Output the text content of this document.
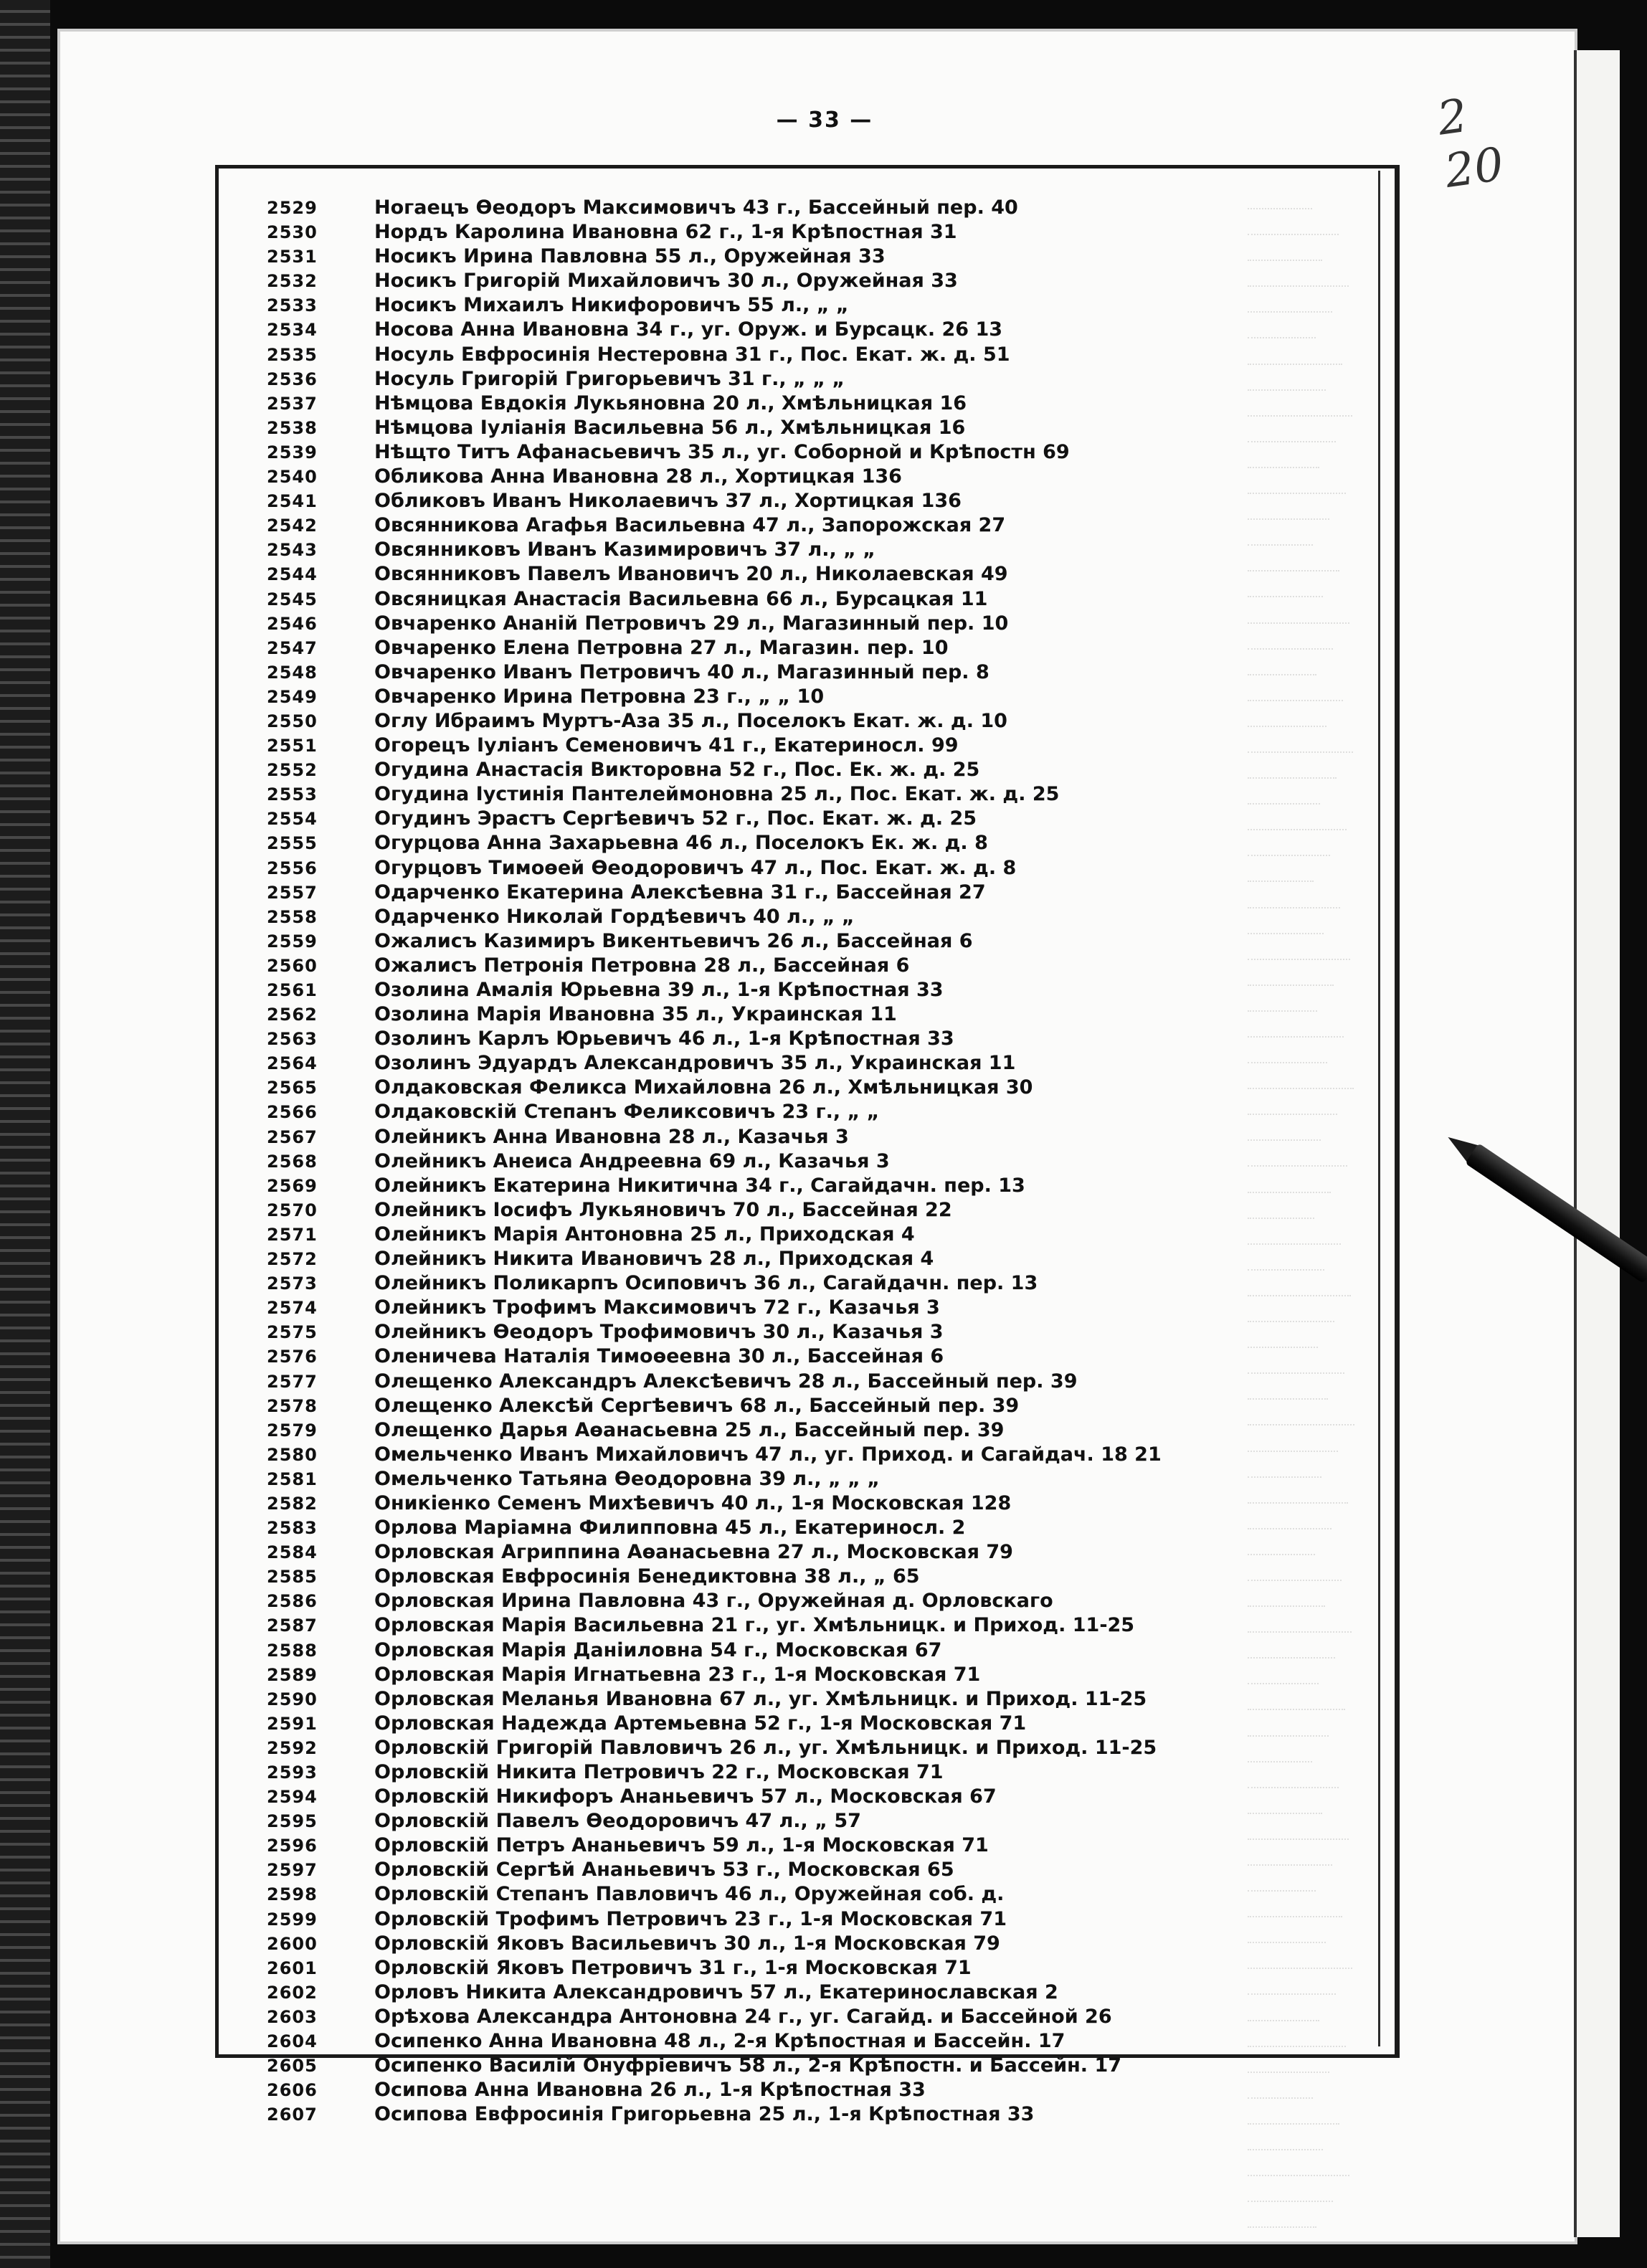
— 33 —	2 20
2529	Ногаецъ Өеодоръ Максимовичъ 43 г., Бассейный пер. 40
2530	Нордъ Каролина Ивановна 62 г., 1-я Крѣпостная 31
2531	Носикъ Ирина Павловна 55 л., Оружейная 33
2532	Носикъ Григорій Михайловичъ 30 л., Оружейная 33
2533	Носикъ Михаилъ Никифоровичъ 55 л., „ „
2534	Носова Анна Ивановна 34 г., уг. Оруж. и Бурсацк. 26 13
2535	Носуль Евфросинія Нестеровна 31 г., Пос. Екат. ж. д. 51
2536	Носуль Григорій Григорьевичъ 31 г., „ „ „
2537	Нѣмцова Евдокія Лукьяновна 20 л., Хмѣльницкая 16
2538	Нѣмцова Іуліанія Васильевна 56 л., Хмѣльницкая 16
2539	Нѣщто Титъ Афанасьевичъ 35 л., уг. Соборной и Крѣпостн 69
2540	Обликова Анна Ивановна 28 л., Хортицкая 136
2541	Обликовъ Иванъ Николаевичъ 37 л., Хортицкая 136
2542	Овсянникова Агафья Васильевна 47 л., Запорожская 27
2543	Овсянниковъ Иванъ Казимировичъ 37 л., „ „
2544	Овсянниковъ Павелъ Ивановичъ 20 л., Николаевская 49
2545	Овсяницкая Анастасія Васильевна 66 л., Бурсацкая 11
2546	Овчаренко Ананій Петровичъ 29 л., Магазинный пер. 10
2547	Овчаренко Елена Петровна 27 л., Магазин. пер. 10
2548	Овчаренко Иванъ Петровичъ 40 л., Магазинный пер. 8
2549	Овчаренко Ирина Петровна 23 г., „ „ 10
2550	Оглу Ибраимъ Муртъ-Аза 35 л., Поселокъ Екат. ж. д. 10
2551	Огорецъ Іуліанъ Семеновичъ 41 г., Екатериносл. 99
2552	Огудина Анастасія Викторовна 52 г., Пос. Ек. ж. д. 25
2553	Огудина Іустинія Пантелеймоновна 25 л., Пос. Екат. ж. д. 25
2554	Огудинъ Эрастъ Сергѣевичъ 52 г., Пос. Екат. ж. д. 25
2555	Огурцова Анна Захарьевна 46 л., Поселокъ Ек. ж. д. 8
2556	Огурцовъ Тимоөей Өеодоровичъ 47 л., Пос. Екат. ж. д. 8
2557	Одарченко Екатерина Алексѣевна 31 г., Бассейная 27
2558	Одарченко Николай Гордѣевичъ 40 л., „ „
2559	Ожалисъ Казимиръ Викентьевичъ 26 л., Бассейная 6
2560	Ожалисъ Петронія Петровна 28 л., Бассейная 6
2561	Озолина Амалія Юрьевна 39 л., 1-я Крѣпостная 33
2562	Озолина Марія Ивановна 35 л., Украинская 11
2563	Озолинъ Карлъ Юрьевичъ 46 л., 1-я Крѣпостная 33
2564	Озолинъ Эдуардъ Александровичъ 35 л., Украинская 11
2565	Олдаковская Феликса Михайловна 26 л., Хмѣльницкая 30
2566	Олдаковскій Степанъ Феликсовичъ 23 г., „ „
2567	Олейникъ Анна Ивановна 28 л., Казачья 3
2568	Олейникъ Анеиса Андреевна 69 л., Казачья 3
2569	Олейникъ Екатерина Никитична 34 г., Сагайдачн. пер. 13
2570	Олейникъ Іосифъ Лукьяновичъ 70 л., Бассейная 22
2571	Олейникъ Марія Антоновна 25 л., Приходская 4
2572	Олейникъ Никита Ивановичъ 28 л., Приходская 4
2573	Олейникъ Поликарпъ Осиповичъ 36 л., Сагайдачн. пер. 13
2574	Олейникъ Трофимъ Максимовичъ 72 г., Казачья 3
2575	Олейникъ Өеодоръ Трофимовичъ 30 л., Казачья 3
2576	Оленичева Наталія Тимоөеевна 30 л., Бассейная 6
2577	Олещенко Александръ Алексѣевичъ 28 л., Бассейный пер. 39
2578	Олещенко Алексѣй Сергѣевичъ 68 л., Бассейный пер. 39
2579	Олещенко Дарья Аөанасьевна 25 л., Бассейный пер. 39
2580	Омельченко Иванъ Михайловичъ 47 л., уг. Приход. и Сагайдач. 18 21
2581	Омельченко Татьяна Өеодоровна 39 л., „ „ „
2582	Оникіенко Семенъ Михѣевичъ 40 л., 1-я Московская 128
2583	Орлова Маріамна Филипповна 45 л., Екатериносл. 2
2584	Орловская Агриппина Аөанасьевна 27 л., Московская 79
2585	Орловская Евфросинія Бенедиктовна 38 л., „ 65
2586	Орловская Ирина Павловна 43 г., Оружейная д. Орловскаго
2587	Орловская Марія Васильевна 21 г., уг. Хмѣльницк. и Приход. 11-25
2588	Орловская Марія Даніиловна 54 г., Московская 67
2589	Орловская Марія Игнатьевна 23 г., 1-я Московская 71
2590	Орловская Меланья Ивановна 67 л., уг. Хмѣльницк. и Приход. 11-25
2591	Орловская Надежда Артемьевна 52 г., 1-я Московская 71
2592	Орловскій Григорій Павловичъ 26 л., уг. Хмѣльницк. и Приход. 11-25
2593	Орловскій Никита Петровичъ 22 г., Московская 71
2594	Орловскій Никифоръ Ананьевичъ 57 л., Московская 67
2595	Орловскій Павелъ Өеодоровичъ 47 л., „ 57
2596	Орловскій Петръ Ананьевичъ 59 л., 1-я Московская 71
2597	Орловскій Сергѣй Ананьевичъ 53 г., Московская 65
2598	Орловскій Степанъ Павловичъ 46 л., Оружейная соб. д.
2599	Орловскій Трофимъ Петровичъ 23 г., 1-я Московская 71
2600	Орловскій Яковъ Васильевичъ 30 л., 1-я Московская 79
2601	Орловскій Яковъ Петровичъ 31 г., 1-я Московская 71
2602	Орловъ Никита Александровичъ 57 л., Екатеринославская 2
2603	Орѣхова Александра Антоновна 24 г., уг. Сагайд. и Бассейной 26
2604	Осипенко Анна Ивановна 48 л., 2-я Крѣпостная и Бассейн. 17
2605	Осипенко Василій Онуфріевичъ 58 л., 2-я Крѣпостн. и Бассейн. 17
2606	Осипова Анна Ивановна 26 л., 1-я Крѣпостная 33
2607	Осипова Евфросинія Григорьевна 25 л., 1-я Крѣпостная 33
